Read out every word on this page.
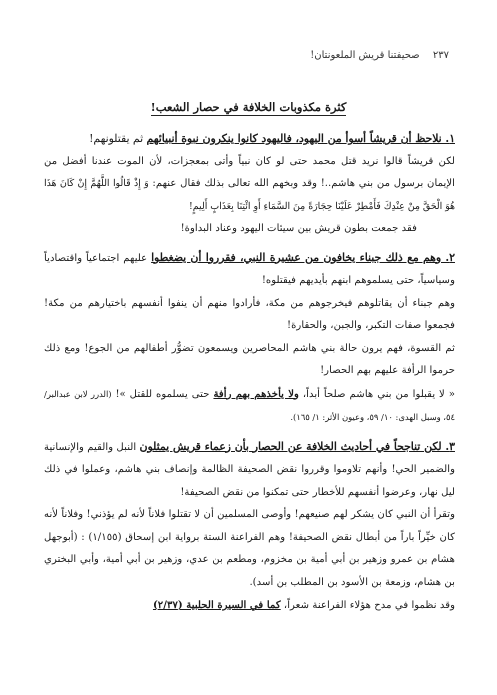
٢٣٧ صحيفتنا قريش الملعونتان!
كثرة مكذوبات الخلافة في حصار الشعب!

١. نلاحظ أن قريشاً أسوأ من اليهود، فاليهود كانوا ينكرون نبوة أنبيائهم ثم يقتلونهم!

لكن قريشاً قالوا نريد قتل محمد حتى لو كان نبياً وأتى بمعجزات، لأن الموت عندنا أفضل من الإيمان برسول من بني هاشم..! وقد وبخهم الله تعالى بذلك فقال عنهم: وَ إِذْ قَالُوا اللَّهُمَّ إِنْ كَانَ هَذَا هُوَ الْحَقَّ مِنْ عِنْدِكَ فَأَمْطِرْ عَلَيْنَا حِجَارَةً مِنَ السَّمَاءِ أَوِ ائْتِنَا بِعَذَابٍ أَلِيمٍ!

فقد جمعت بطون قريش بين سيئات اليهود وعناد البداوة!

٢. وهم مع ذلك جبناء يخافون من عشيرة النبي، فقرروا أن يضغطوا عليهم اجتماعياً واقتصادياً وسياسياً، حتى يسلموهم ابنهم بأيديهم فيقتلوه!

وهم جبناء أن يقاتلوهم فيخرجوهم من مكة، فأرادوا منهم أن ينفوا أنفسهم باختيارهم من مكة! فجمعوا صفات التكبر، والجبن، والحقارة!

ثم القسوة، فهم يرون حالة بني هاشم المحاصرين ويسمعون تضوُّر أطفالهم من الجوع! ومع ذلك حرموا الرأفة عليهم بهم الحصار!

« لا يقبلوا من بني هاشم صلحاً أبداً، ولا يأخذهم بهم رأفة حتى يسلموه للقتل »! (الدرر لابن عبدالبر/ ٥٤، وسبل الهدى: ١٠/ ٥٩، وعيون الأثر: ١/ ١٦٥).

٣. لكن تناجحاً في أحاديث الخلافة عن الحصار بأن زعماء قريش يمثلون النبل والقيم والإنسانية والضمير الحي! وأنهم تلاوموا وقرروا نقض الصحيفة الظالمة وإنصاف بني هاشم، وعملوا في ذلك ليل نهار، وعرضوا أنفسهم للأخطار حتى تمكنوا من نقض الصحيفة!

وتقرأ أن النبي كان يشكر لهم صنيعهم! وأوصى المسلمين أن لا تقتلوا فلاناً لأنه لم يؤذني! وفلاناً لأنه كان خيِّراً باراً من أبطال نقض الصحيفة! وهم الفراعنة الستة برواية ابن إسحاق (١/١٥٥) : (أبوجهل هشام بن عمرو وزهير بن أبي أمية بن مخزوم، ومطعم بن عدي، وزهير بن أبي أمية، وأبي البختري بن هشام، وزمعة بن الأسود بن المطلب بن أسد).

وقد نظموا في مدح هؤلاء الفراعنة شعراً، كما في السيرة الحلبية (٢/٣٧)
